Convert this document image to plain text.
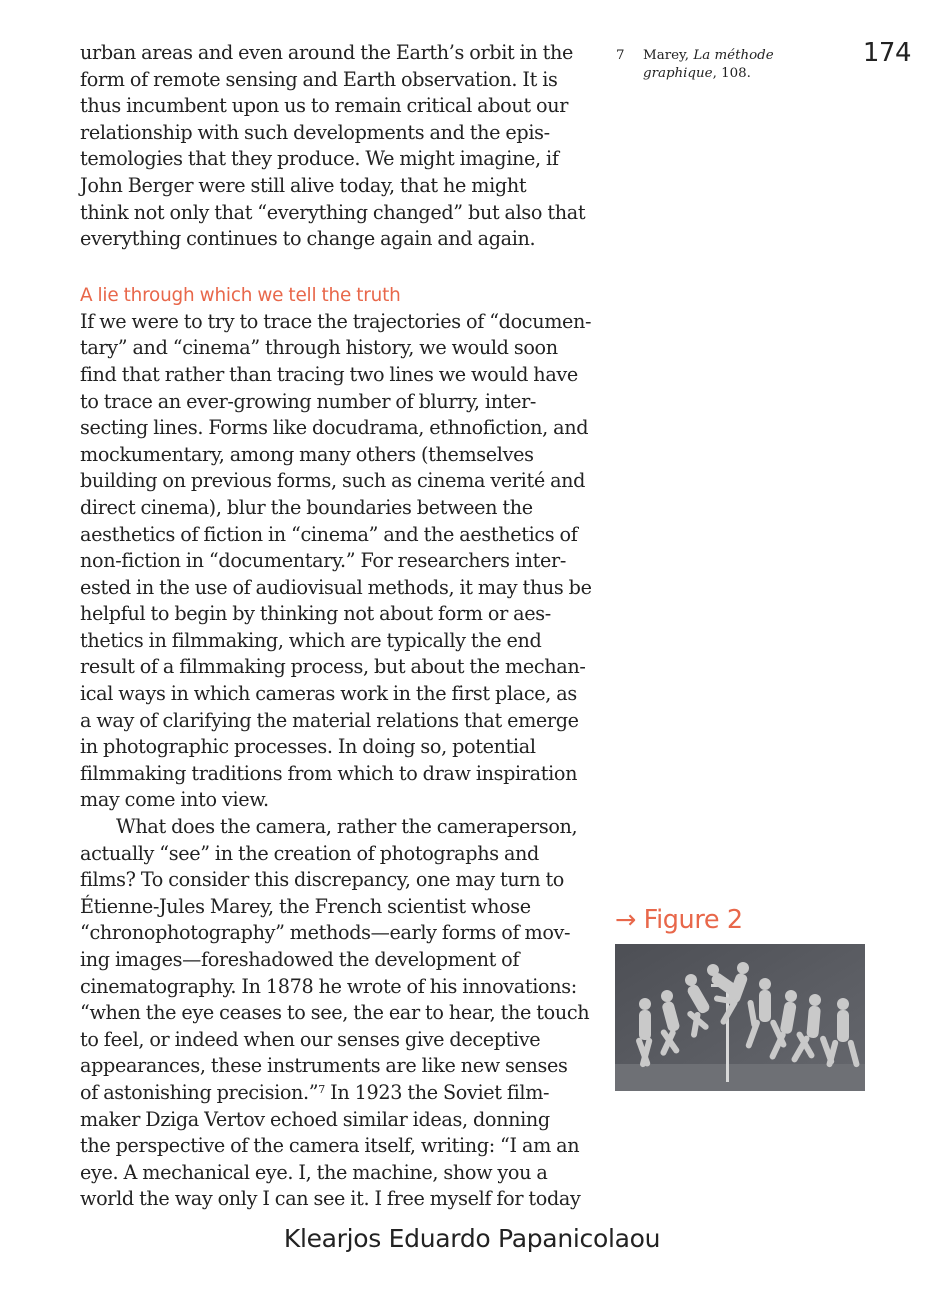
urban areas and even around the Earth’s orbit in the
form of remote sensing and Earth observation. It is
thus incumbent upon us to remain critical about our
relationship with such developments and the epis-
temologies that they produce. We might imagine, if
John Berger were still alive today, that he might
think not only that “everything changed” but also that
everything continues to change again and again.

A lie through which we tell the truth

If we were to try to trace the trajectories of “documen-
tary” and “cinema” through history, we would soon
find that rather than tracing two lines we would have
to trace an ever-growing number of blurry, inter-
secting lines. Forms like docudrama, ethnofiction, and
mockumentary, among many others (themselves
building on previous forms, such as cinema verité and
direct cinema), blur the boundaries between the
aesthetics of fiction in “cinema” and the aesthetics of
non-fiction in “documentary.” For researchers inter-
ested in the use of audiovisual methods, it may thus be
helpful to begin by thinking not about form or aes-
thetics in filmmaking, which are typically the end
result of a filmmaking process, but about the mechan-
ical ways in which cameras work in the first place, as
a way of clarifying the material relations that emerge
in photographic processes. In doing so, potential
filmmaking traditions from which to draw inspiration
may come into view.

What does the camera, rather the cameraperson,
actually “see” in the creation of photographs and
films? To consider this discrepancy, one may turn to
Étienne-Jules Marey, the French scientist whose
“chronophotography” methods—early forms of mov-
ing images—foreshadowed the development of
cinematography. In 1878 he wrote of his innovations:
“when the eye ceases to see, the ear to hear, the touch
to feel, or indeed when our senses give deceptive
appearances, these instruments are like new senses
of astonishing precision.”$^7$ In 1923 the Soviet film-
maker Dziga Vertov echoed similar ideas, donning
the perspective of the camera itself, writing: “I am an
eye. A mechanical eye. I, the machine, show you a
world the way only I can see it. I free myself for today

174
7 Marey, La méthode graphique, 108.
→ Figure 2
Klearjos Eduardo Papanicolaou
